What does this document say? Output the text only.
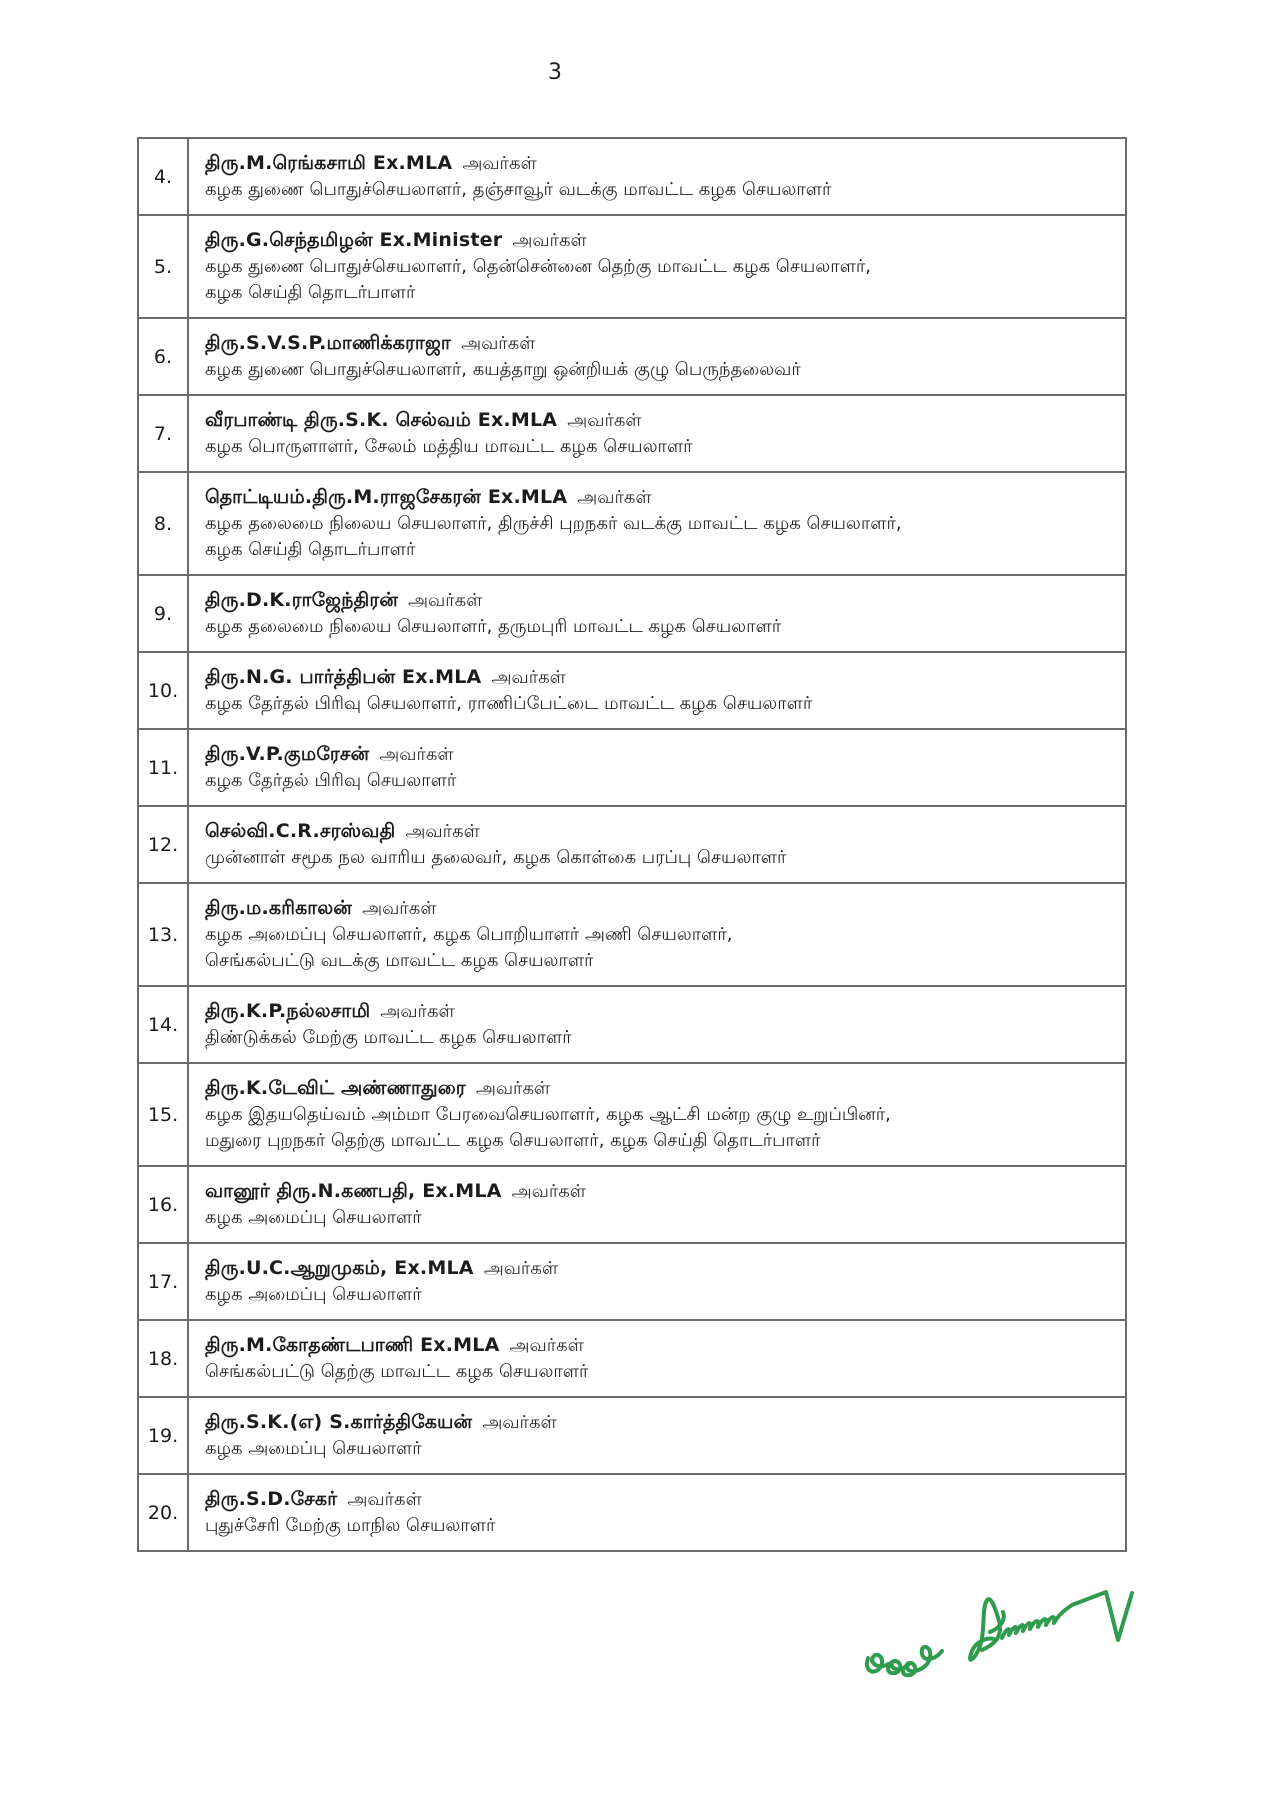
3
4.
திரு.M.ரெங்கசாமி Ex.MLA அவர்கள்
கழக துணை பொதுச்செயலாளர், தஞ்சாவூர் வடக்கு மாவட்ட கழக செயலாளர்
5.
திரு.G.செந்தமிழன் Ex.Minister அவர்கள்
கழக துணை பொதுச்செயலாளர், தென்சென்னை தெற்கு மாவட்ட கழக செயலாளர்,
கழக செய்தி தொடர்பாளர்
6.
திரு.S.V.S.P.மாணிக்கராஜா அவர்கள்
கழக துணை பொதுச்செயலாளர், கயத்தாறு ஒன்றியக் குழு பெருந்தலைவர்
7.
வீரபாண்டி திரு.S.K. செல்வம் Ex.MLA அவர்கள்
கழக பொருளாளர், சேலம் மத்திய மாவட்ட கழக செயலாளர்
8.
தொட்டியம்.திரு.M.ராஜசேகரன் Ex.MLA அவர்கள்
கழக தலைமை நிலைய செயலாளர், திருச்சி புறநகர் வடக்கு மாவட்ட கழக செயலாளர்,
கழக செய்தி தொடர்பாளர்
9.
திரு.D.K.ராஜேந்திரன் அவர்கள்
கழக தலைமை நிலைய செயலாளர், தருமபுரி மாவட்ட கழக செயலாளர்
10.
திரு.N.G. பார்த்திபன் Ex.MLA அவர்கள்
கழக தேர்தல் பிரிவு செயலாளர், ராணிப்பேட்டை மாவட்ட கழக செயலாளர்
11.
திரு.V.P.குமரேசன் அவர்கள்
கழக தேர்தல் பிரிவு செயலாளர்
12.
செல்வி.C.R.சரஸ்வதி அவர்கள்
முன்னாள் சமூக நல வாரிய தலைவர், கழக கொள்கை பரப்பு செயலாளர்
13.
திரு.ம.கரிகாலன் அவர்கள்
கழக அமைப்பு செயலாளர், கழக பொறியாளர் அணி செயலாளர்,
செங்கல்பட்டு வடக்கு மாவட்ட கழக செயலாளர்
14.
திரு.K.P.நல்லசாமி அவர்கள்
திண்டுக்கல் மேற்கு மாவட்ட கழக செயலாளர்
15.
திரு.K.டேவிட் அண்ணாதுரை அவர்கள்
கழக இதயதெய்வம் அம்மா பேரவைசெயலாளர், கழக ஆட்சி மன்ற குழு உறுப்பினர்,
மதுரை புறநகர் தெற்கு மாவட்ட கழக செயலாளர், கழக செய்தி தொடர்பாளர்
16.
வானூர் திரு.N.கணபதி, Ex.MLA அவர்கள்
கழக அமைப்பு செயலாளர்
17.
திரு.U.C.ஆறுமுகம், Ex.MLA அவர்கள்
கழக அமைப்பு செயலாளர்
18.
திரு.M.கோதண்டபாணி Ex.MLA அவர்கள்
செங்கல்பட்டு தெற்கு மாவட்ட கழக செயலாளர்
19.
திரு.S.K.(எ) S.கார்த்திகேயன் அவர்கள்
கழக அமைப்பு செயலாளர்
20.
திரு.S.D.சேகர் அவர்கள்
புதுச்சேரி மேற்கு மாநில செயலாளர்
